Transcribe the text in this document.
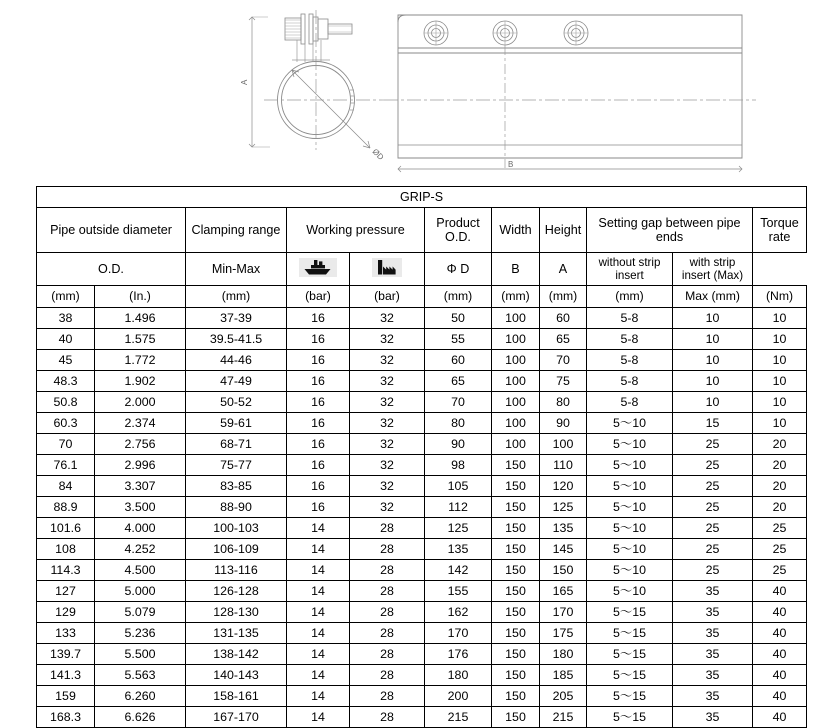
A
ØD
B
GRIP-S										
Pipe outside diameter		Clamping range	Working pressure		Product O.D.	Width	Height	Setting gap between pipe ends		Torque rate
O.D.		Min-Max			Φ D	B	A	without strip insert	with strip insert (Max)	
(mm)	(In.)	(mm)	(bar)	(bar)	(mm)	(mm)	(mm)	(mm)	Max (mm)	(Nm)
38	1.496	37-39	16	32	50	100	60	5-8	10	10
40	1.575	39.5-41.5	16	32	55	100	65	5-8	10	10
45	1.772	44-46	16	32	60	100	70	5-8	10	10
48.3	1.902	47-49	16	32	65	100	75	5-8	10	10
50.8	2.000	50-52	16	32	70	100	80	5-8	10	10
60.3	2.374	59-61	16	32	80	100	90	5～10	15	10
70	2.756	68-71	16	32	90	100	100	5～10	25	20
76.1	2.996	75-77	16	32	98	150	110	5～10	25	20
84	3.307	83-85	16	32	105	150	120	5～10	25	20
88.9	3.500	88-90	16	32	112	150	125	5～10	25	20
101.6	4.000	100-103	14	28	125	150	135	5～10	25	25
108	4.252	106-109	14	28	135	150	145	5～10	25	25
114.3	4.500	113-116	14	28	142	150	150	5～10	25	25
127	5.000	126-128	14	28	155	150	165	5～10	35	40
129	5.079	128-130	14	28	162	150	170	5～15	35	40
133	5.236	131-135	14	28	170	150	175	5～15	35	40
139.7	5.500	138-142	14	28	176	150	180	5～15	35	40
141.3	5.563	140-143	14	28	180	150	185	5～15	35	40
159	6.260	158-161	14	28	200	150	205	5～15	35	40
168.3	6.626	167-170	14	28	215	150	215	5～15	35	40
